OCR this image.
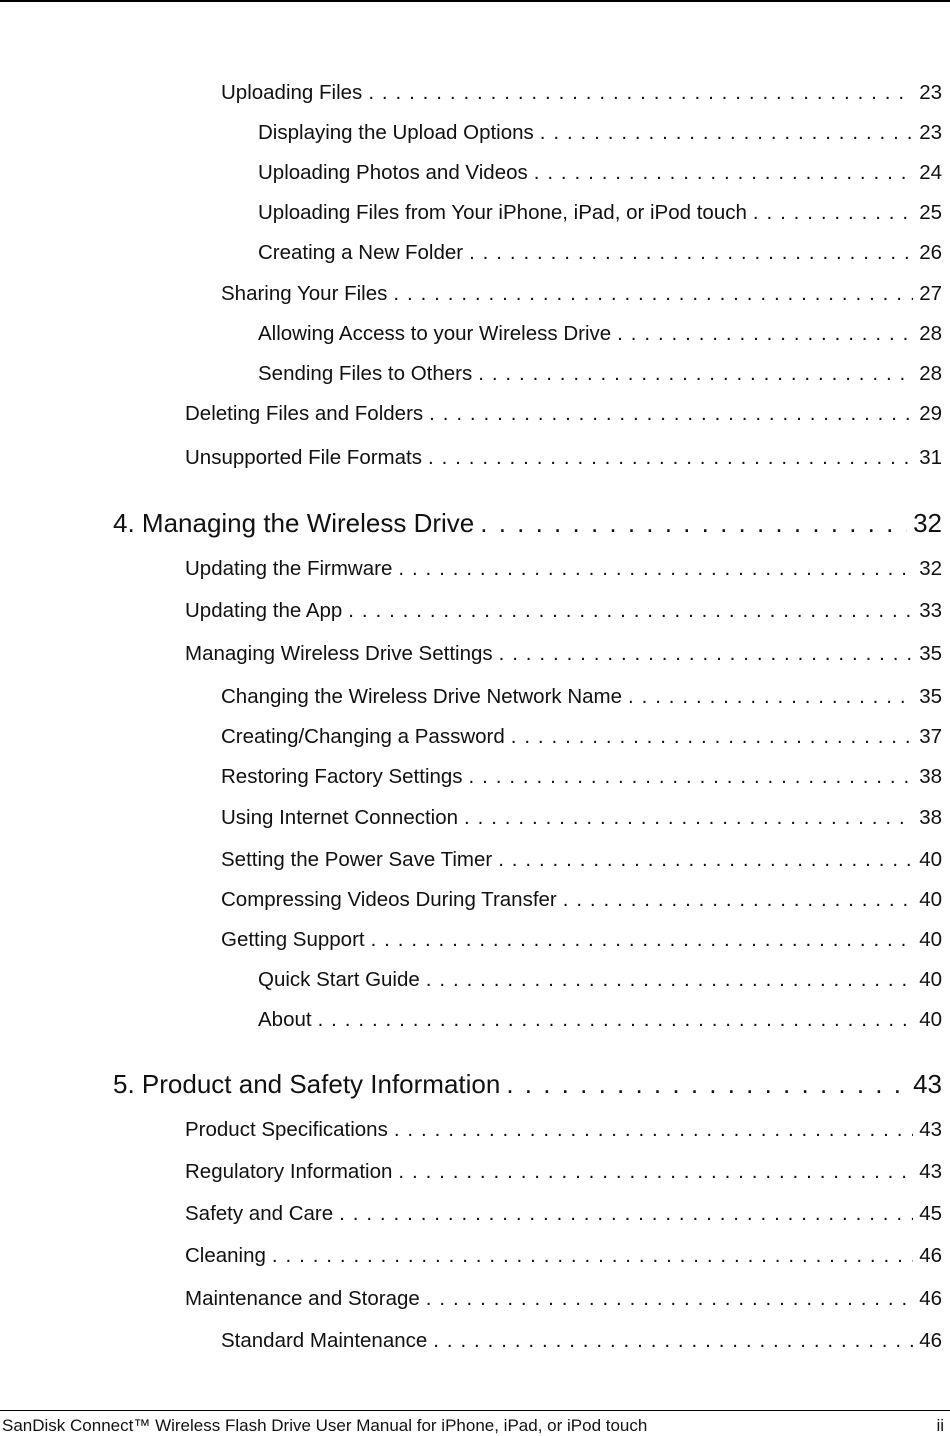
Uploading Files . . .	23
Displaying the Upload Options . . .	23
Uploading Photos and Videos . . .	24
Uploading Files from Your iPhone, iPad, or iPod touch . . .	25
Creating a New Folder . . .	26
Sharing Your Files . . .	27
Allowing Access to your Wireless Drive . . .	28
Sending Files to Others . . .	28
Deleting Files and Folders . . .	29
Unsupported File Formats . . .	31
4. Managing the Wireless Drive . . .	32
Updating the Firmware . . .	32
Updating the App . . .	33
Managing Wireless Drive Settings . . .	35
Changing the Wireless Drive Network Name . . .	35
Creating/Changing a Password . . .	37
Restoring Factory Settings . . .	38
Using Internet Connection . . .	38
Setting the Power Save Timer . . .	40
Compressing Videos During Transfer . . .	40
Getting Support . . .	40
Quick Start Guide . . .	40
About . . .	40
5. Product and Safety Information . . .	43
Product Specifications . . .	43
Regulatory Information . . .	43
Safety and Care . . .	45
Cleaning . . .	46
Maintenance and Storage . . .	46
Standard Maintenance . . .	46
SanDisk Connect™ Wireless Flash Drive User Manual for iPhone, iPad, or iPod touch	ii
